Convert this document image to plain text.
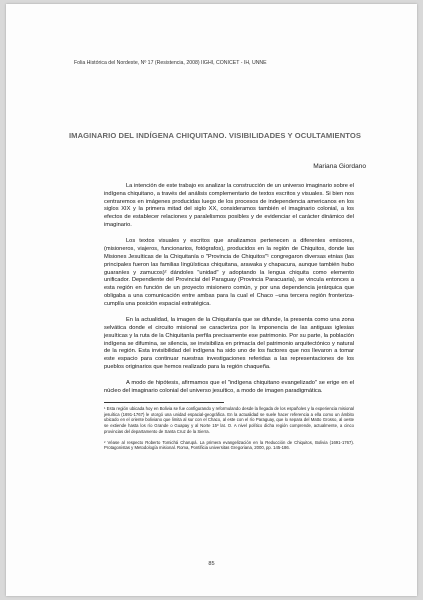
Folia Histórica del Nordeste, Nº 17 (Resistencia, 2008) IIGHI, CONICET - IH, UNNE
IMAGINARIO DEL INDÍGENA CHIQUITANO. VISIBILIDADES Y OCULTAMIENTOS
Mariana Giordano

La intención de este trabajo es analizar la construcción de un universo imaginario sobre el indígena chiquitano, a través del análisis complementario de textos escritos y visuales. Si bien nos centraremos en imágenes producidas luego de los procesos de independencia americanos en los siglos XIX y la primera mitad del siglo XX, consideramos también el imaginario colonial, a los efectos de establecer relaciones y paralelismos posibles y de evidenciar el carácter dinámico del imaginario.

Los textos visuales y escritos que analizamos pertenecen a diferentes emisores, (misioneros, viajeros, funcionarios, fotógrafos), producidos en la región de Chiquitos, donde las Misiones Jesuíticas de la Chiquitanía o "Provincia de Chiquitos"¹ congregaron diversas etnias (las principales fueron las familias lingüísticas chiquitana, arawaka y chapacura, aunque también hubo guaraníes y zamucos)² dándoles "unidad" y adoptando la lengua chiquita como elemento unificador. Dependiente del Provincial del Paraguay (Provincia Paracuaria), se vincula entonces a esta región en función de un proyecto misionero común, y por una dependencia jerárquica que obligaba a una comunicación entre ambas para la cual el Chaco –una tercera región fronteriza- cumplía una posición espacial estratégica.

En la actualidad, la imagen de la Chiquitanía que se difunde, la presenta como una zona selvática donde el circuito misional se caracteriza por la imponencia de las antiguas iglesias jesuíticas y la ruta de la Chiquitanía perfila precisamente ese patrimonio. Por su parte, la población indígena se difumina, se silencia, se invisibiliza en primacía del patrimonio arquitectónico y natural de la región. Esta invisibilidad del indígena ha sido uno de los factores que nos llevaron a tomar este espacio para continuar nuestras investigaciones referidas a las representaciones de los pueblos originarios que hemos realizado para la región chaqueña.

A modo de hipótesis, afirmamos que el "indígena chiquitano evangelizado" se erige en el núcleo del imaginario colonial del universo jesuítico, a modo de imagen paradigmática.

¹ Esta región ubicada hoy en Bolivia se fue configurando y reformulando desde la llegada de los españoles y la experiencia misional jesuítica (1691-1767) le otorgó una unidad espacial-geográfica. En la actualidad se suele hacer referencia a ella como un ámbito ubicado en el oriente boliviano que limita al sur con el Chaco, al este con el río Paraguay, que lo separa del Matto Grosso, al oeste se extiende hasta los río Grande o Guapay y al Norte 15º lat. O. A nivel político dicha región comprende, actualmente, a cinco provincias del departamento de Santa Cruz de la Sierra.

² Véase al respecto Roberto Tomichá Charupá. La primera evangelización en la Reducción de Chiquitos, Bolivia (1691-1767). Protagonistas y Metodología misional. Roma, Pontificia universitas Gregoriana, 2000, pp. 145-186.

85
